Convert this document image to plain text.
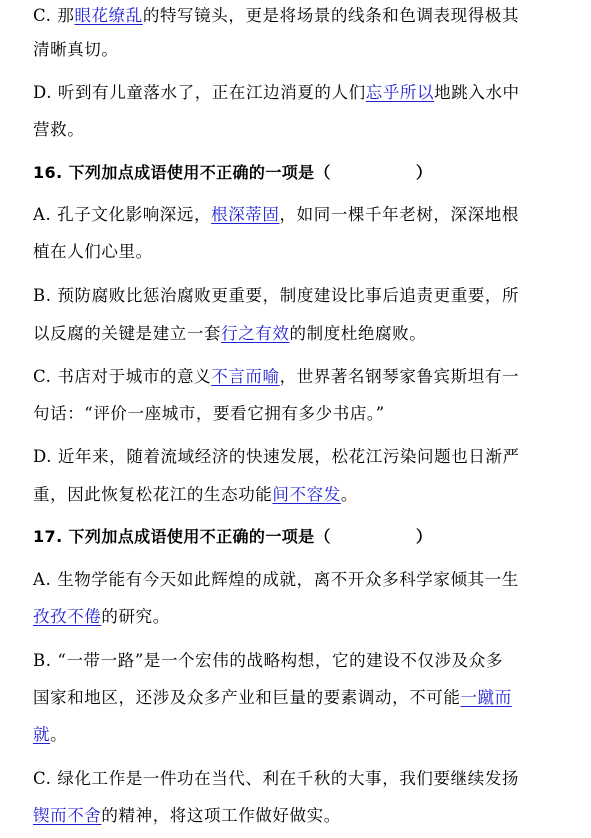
C. 那眼花缭乱的特写镜头，更是将场景的线条和色调表现得极其
清晰真切。
D. 听到有儿童落水了，正在江边消夏的人们忘乎所以地跳入水中
营救。
16. 下列加点成语使用不正确的一项是（	）
A. 孔子文化影响深远，根深蒂固，如同一棵千年老树，深深地根
植在人们心里。
B. 预防腐败比惩治腐败更重要，制度建设比事后追责更重要，所
以反腐的关键是建立一套行之有效的制度杜绝腐败。
C. 书店对于城市的意义不言而喻，世界著名钢琴家鲁宾斯坦有一
句话：“评价一座城市，要看它拥有多少书店。”
D. 近年来，随着流域经济的快速发展，松花江污染问题也日渐严
重，因此恢复松花江的生态功能间不容发。
17. 下列加点成语使用不正确的一项是（	）
A. 生物学能有今天如此辉煌的成就，离不开众多科学家倾其一生
孜孜不倦的研究。
B. “一带一路”是一个宏伟的战略构想，它的建设不仅涉及众多
国家和地区，还涉及众多产业和巨量的要素调动，不可能一蹴而
就。
C. 绿化工作是一件功在当代、利在千秋的大事，我们要继续发扬
锲而不舍的精神，将这项工作做好做实。
